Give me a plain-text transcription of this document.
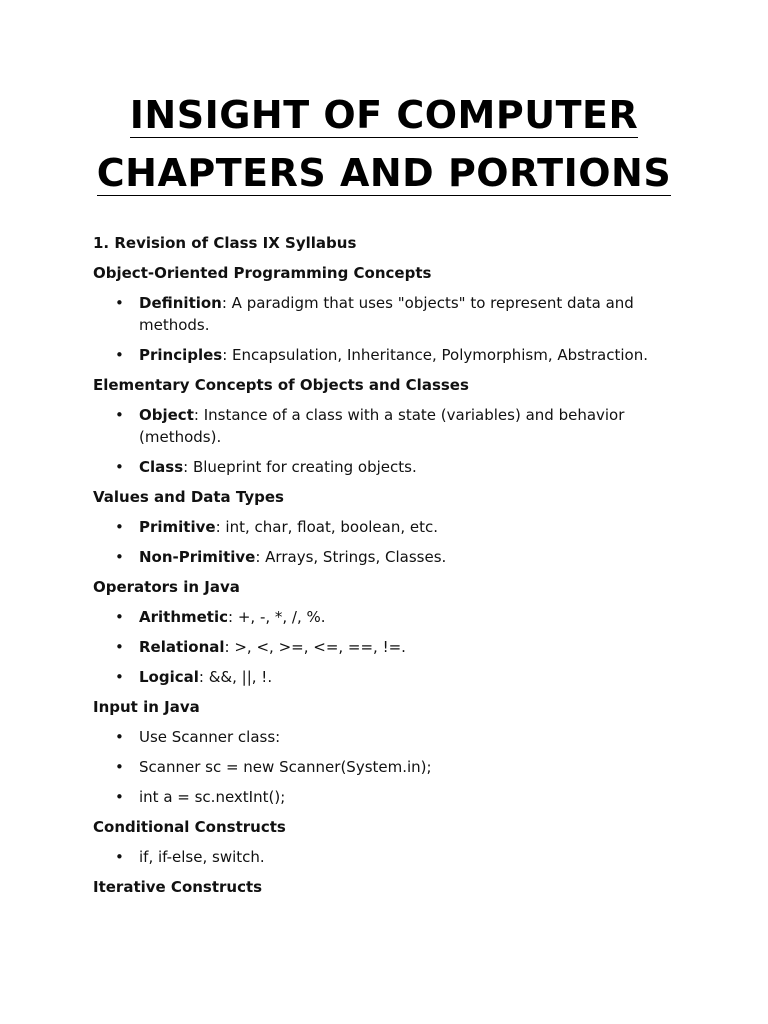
INSIGHT OF COMPUTER
CHAPTERS AND PORTIONS
1. Revision of Class IX Syllabus
Object-Oriented Programming Concepts
• Definition: A paradigm that uses "objects" to represent data and methods.
• Principles: Encapsulation, Inheritance, Polymorphism, Abstraction.
Elementary Concepts of Objects and Classes
• Object: Instance of a class with a state (variables) and behavior (methods).
• Class: Blueprint for creating objects.
Values and Data Types
• Primitive: int, char, float, boolean, etc.
• Non-Primitive: Arrays, Strings, Classes.
Operators in Java
• Arithmetic: +, -, *, /, %.
• Relational: >, <, >=, <=, ==, !=.
• Logical: &&, ||, !.
Input in Java
• Use Scanner class:
• Scanner sc = new Scanner(System.in);
• int a = sc.nextInt();
Conditional Constructs
• if, if-else, switch.
Iterative Constructs
